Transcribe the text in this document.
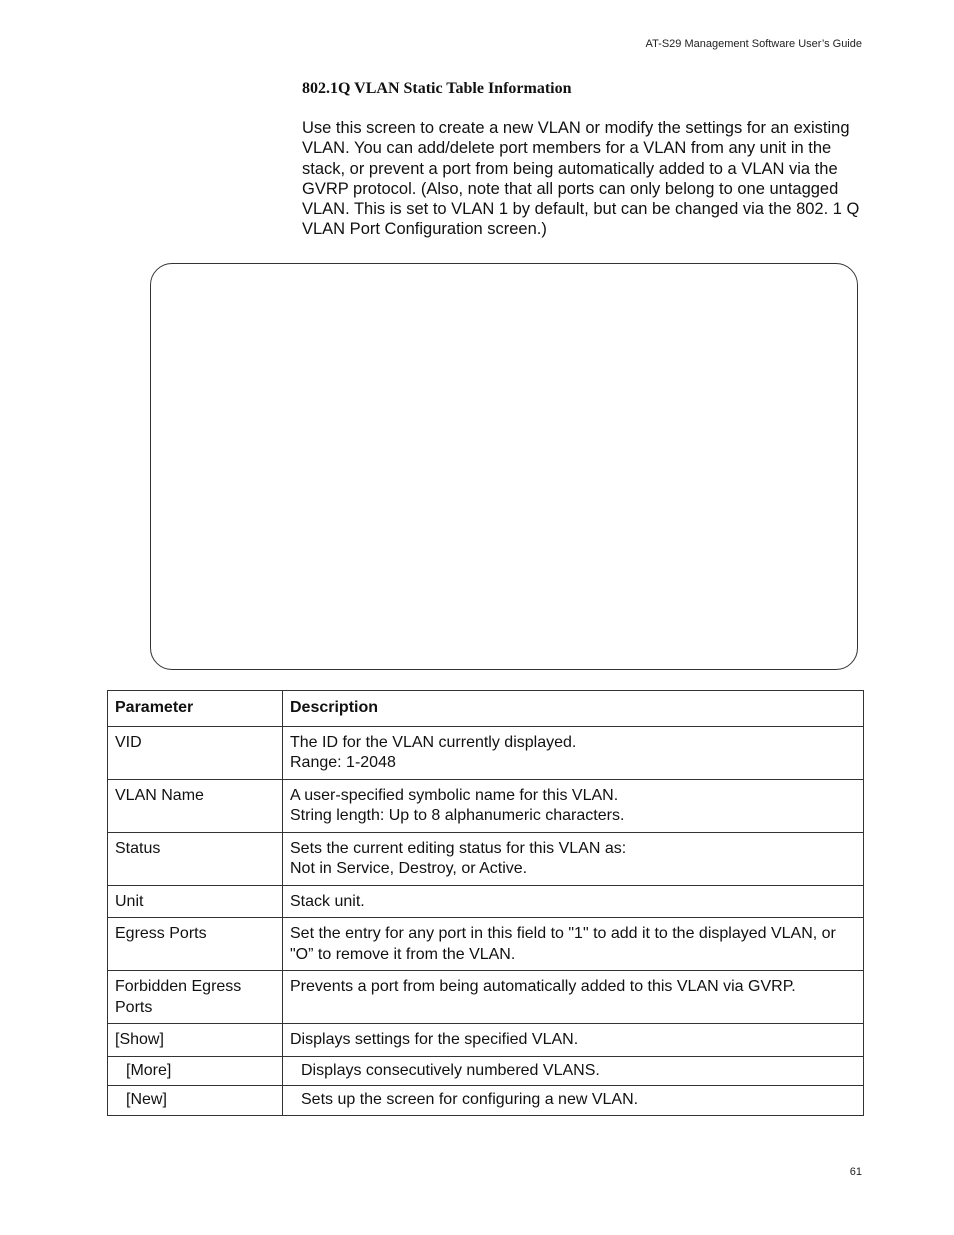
AT-S29 Management Software User’s Guide
802.1Q VLAN Static Table Information

Use this screen to create a new VLAN or modify the settings for an existing VLAN. You can add/delete port members for a VLAN from any unit in the stack, or prevent a port from being automatically added to a VLAN via the GVRP protocol. (Also, note that all ports can only belong to one untagged VLAN. This is set to VLAN 1 by default, but can be changed via the 802. 1 Q VLAN Port Configuration screen.)

Parameter	Description
VID	The ID for the VLAN currently displayed.
Range: 1-2048

VLAN Name	A user-specified symbolic name for this VLAN.
String length: Up to 8 alphanumeric characters.

Status	Sets the current editing status for this VLAN as:
Not in Service, Destroy, or Active.

Unit	Stack unit.

Egress Ports	Set the entry for any port in this field to "1" to add it to the displayed VLAN, or "O” to remove it from the VLAN.

Forbidden Egress Ports	Prevents a port from being automatically added to this VLAN via GVRP.

[Show]	Displays settings for the specified VLAN.

[More]	Displays consecutively numbered VLANS.

[New]	Sets up the screen for configuring a new VLAN.
61
